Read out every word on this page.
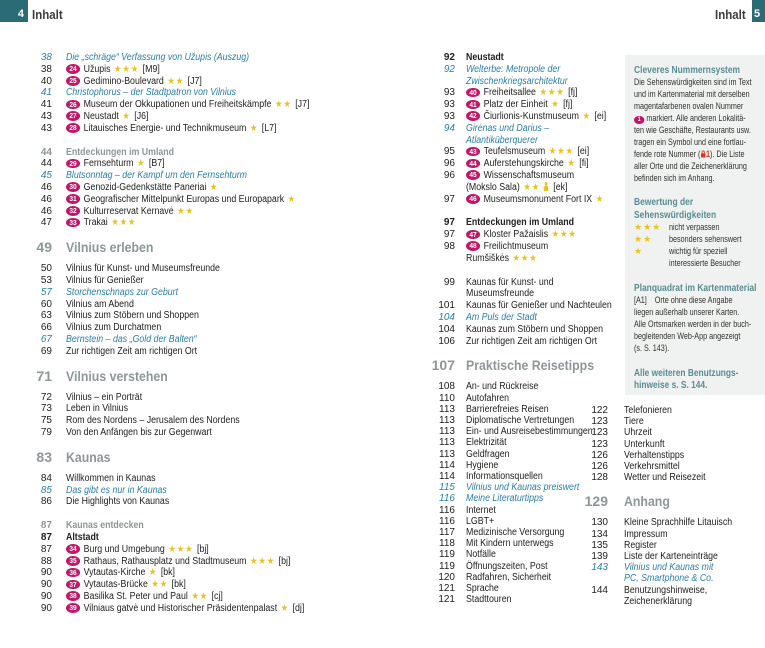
4 Inhalt	5
Inhalt
38 Die „schräge“ Verfassung von Užupis (Auszug)
38	24 Užupis ★★★ [M9]
40	25 Gedimino-Boulevard ★★ [J7]
41 Christophorus – der Stadtpatron von Vilnius
41	26 Museum der Okkupationen und Freiheitskämpfe ★★ [J7]
43	27 Neustadt ★ [J6]
43	28 Litauisches Energie- und Technikmuseum ★ [L7]
44 Entdeckungen im Umland
44	29 Fernsehturm ★ [B7]
45 Blutsonntag – der Kampf um den Fernsehturm
46	30 Genozid-Gedenkstätte Paneriai ★
46	31 Geografischer Mittelpunkt Europas und Europapark ★
46	32 Kulturreservat Kernavė ★★
47	33 Trakai ★★★
49 Vilnius erleben
50 Vilnius für Kunst- und Museumsfreunde
53 Vilnius für Genießer
57 Storchenschnaps zur Geburt
60 Vilnius am Abend
63 Vilnius zum Stöbern und Shoppen
66 Vilnius zum Durchatmen
67 Bernstein – das „Gold der Balten“
69 Zur richtigen Zeit am richtigen Ort
71 Vilnius verstehen
72 Vilnius – ein Porträt
73 Leben in Vilnius
75 Rom des Nordens – Jerusalem des Nordens
79 Von den Anfängen bis zur Gegenwart
83 Kaunas
84 Willkommen in Kaunas
85 Das gibt es nur in Kaunas
86 Die Highlights von Kaunas
87 Kaunas entdecken
87 Altstadt
87	34 Burg und Umgebung ★★★ [bj]
88	35 Rathaus, Rathausplatz und Stadtmuseum ★★★ [bj]
90	36 Vytautas-Kirche ★ [bk]
90	37 Vytautas-Brücke ★★ [bk]
90	38 Basilika St. Peter und Paul ★★ [cj]
90	39 Vilniaus gatvė und Historischer Präsidentenpalast ★ [dj]
92 Neustadt
92 Welterbe: Metropole der
Zwischenkriegsarchitektur
93	40 Freiheitsallee ★★★ [fj]
93	41 Platz der Einheit ★ [fj]
93	42 Čiurlionis-Kunstmuseum ★ [ei]
94 Girėnas und Darius –
Atlantiküberquerer
95	43 Teufelsmuseum ★★★ [ei]
96	44 Auferstehungskirche ★ [fi]
96	45 Wissenschaftsmuseum
(Mokslo Sala) ★★ [ek]
97	46 Museumsmonument Fort IX ★
97 Entdeckungen im Umland
97	47 Kloster Pažaislis ★★★
98	48 Freilichtmuseum
Rumšiškės ★★★
99 Kaunas für Kunst- und
Museumsfreunde
101 Kaunas für Genießer und Nachteulen
104 Am Puls der Stadt
104 Kaunas zum Stöbern und Shoppen
106 Zur richtigen Zeit am richtigen Ort
107 Praktische Reisetipps
108 An- und Rückreise
110 Autofahren
113 Barrierefreies Reisen
113 Diplomatische Vertretungen
113 Ein- und Ausreisebestimmungen
113 Elektrizität
113 Geldfragen
114 Hygiene
114 Informationsquellen
115 Vilnius und Kaunas preiswert
116 Meine Literaturtipps
116 Internet
116 LGBT+
117 Medizinische Versorgung
118 Mit Kindern unterwegs
119 Notfälle
119 Öffnungszeiten, Post
120 Radfahren, Sicherheit
121 Sprache
121 Stadttouren
122 Telefonieren
123 Tiere
123 Uhrzeit
123 Unterkunft
126 Verhaltenstipps
126 Verkehrsmittel
128 Wetter und Reisezeit
129 Anhang
130 Kleine Sprachhilfe Litauisch
134 Impressum
135 Register
139 Liste der Karteneinträge
143 Vilnius und Kaunas mit
PC, Smartphone & Co.
144 Benutzungshinweise,
Zeichenerklärung
Cleveres Nummernsystem
Die Sehenswürdigkeiten sind im Text
und im Kartenmaterial mit derselben
magentafarbenen ovalen Nummer
1 markiert. Alle anderen Lokalitä-
ten wie Geschäfte, Restaurants usw.
tragen ein Symbol und eine fortlau-
fende rote Nummer ( 1). Die Liste
aller Orte und die Zeichenerklärung
befinden sich im Anhang.
Bewertung der
Sehenswürdigkeiten
★★★ nicht verpassen
★★	besonders sehenswert
★	wichtig für speziell
interessierte Besucher
Planquadrat im Kartenmaterial
[A1]    Orte ohne diese Angabe
liegen außerhalb unserer Karten.
Alle Ortsmarken werden in der buch-
begleitenden Web-App angezeigt
(s. S. 143).
Alle weiteren Benutzungs-
hinweise s. S. 144.
